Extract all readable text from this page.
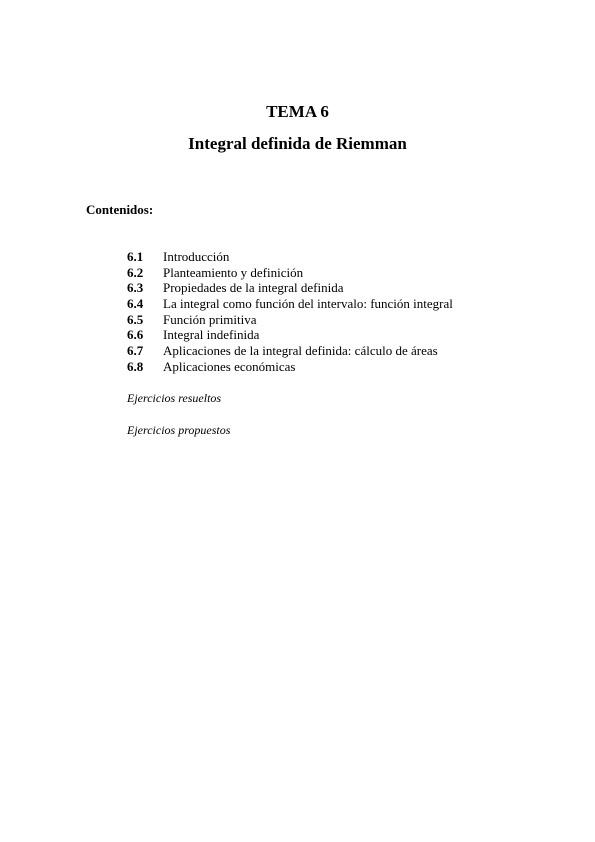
TEMA 6
Integral definida de Riemman

Contenidos:

6.1	Introducción
6.2	Planteamiento y definición
6.3	Propiedades de la integral definida
6.4	La integral como función del intervalo: función integral
6.5	Función primitiva
6.6	Integral indefinida
6.7	Aplicaciones de la integral definida: cálculo de áreas
6.8	Aplicaciones económicas

Ejercicios resueltos

Ejercicios propuestos
